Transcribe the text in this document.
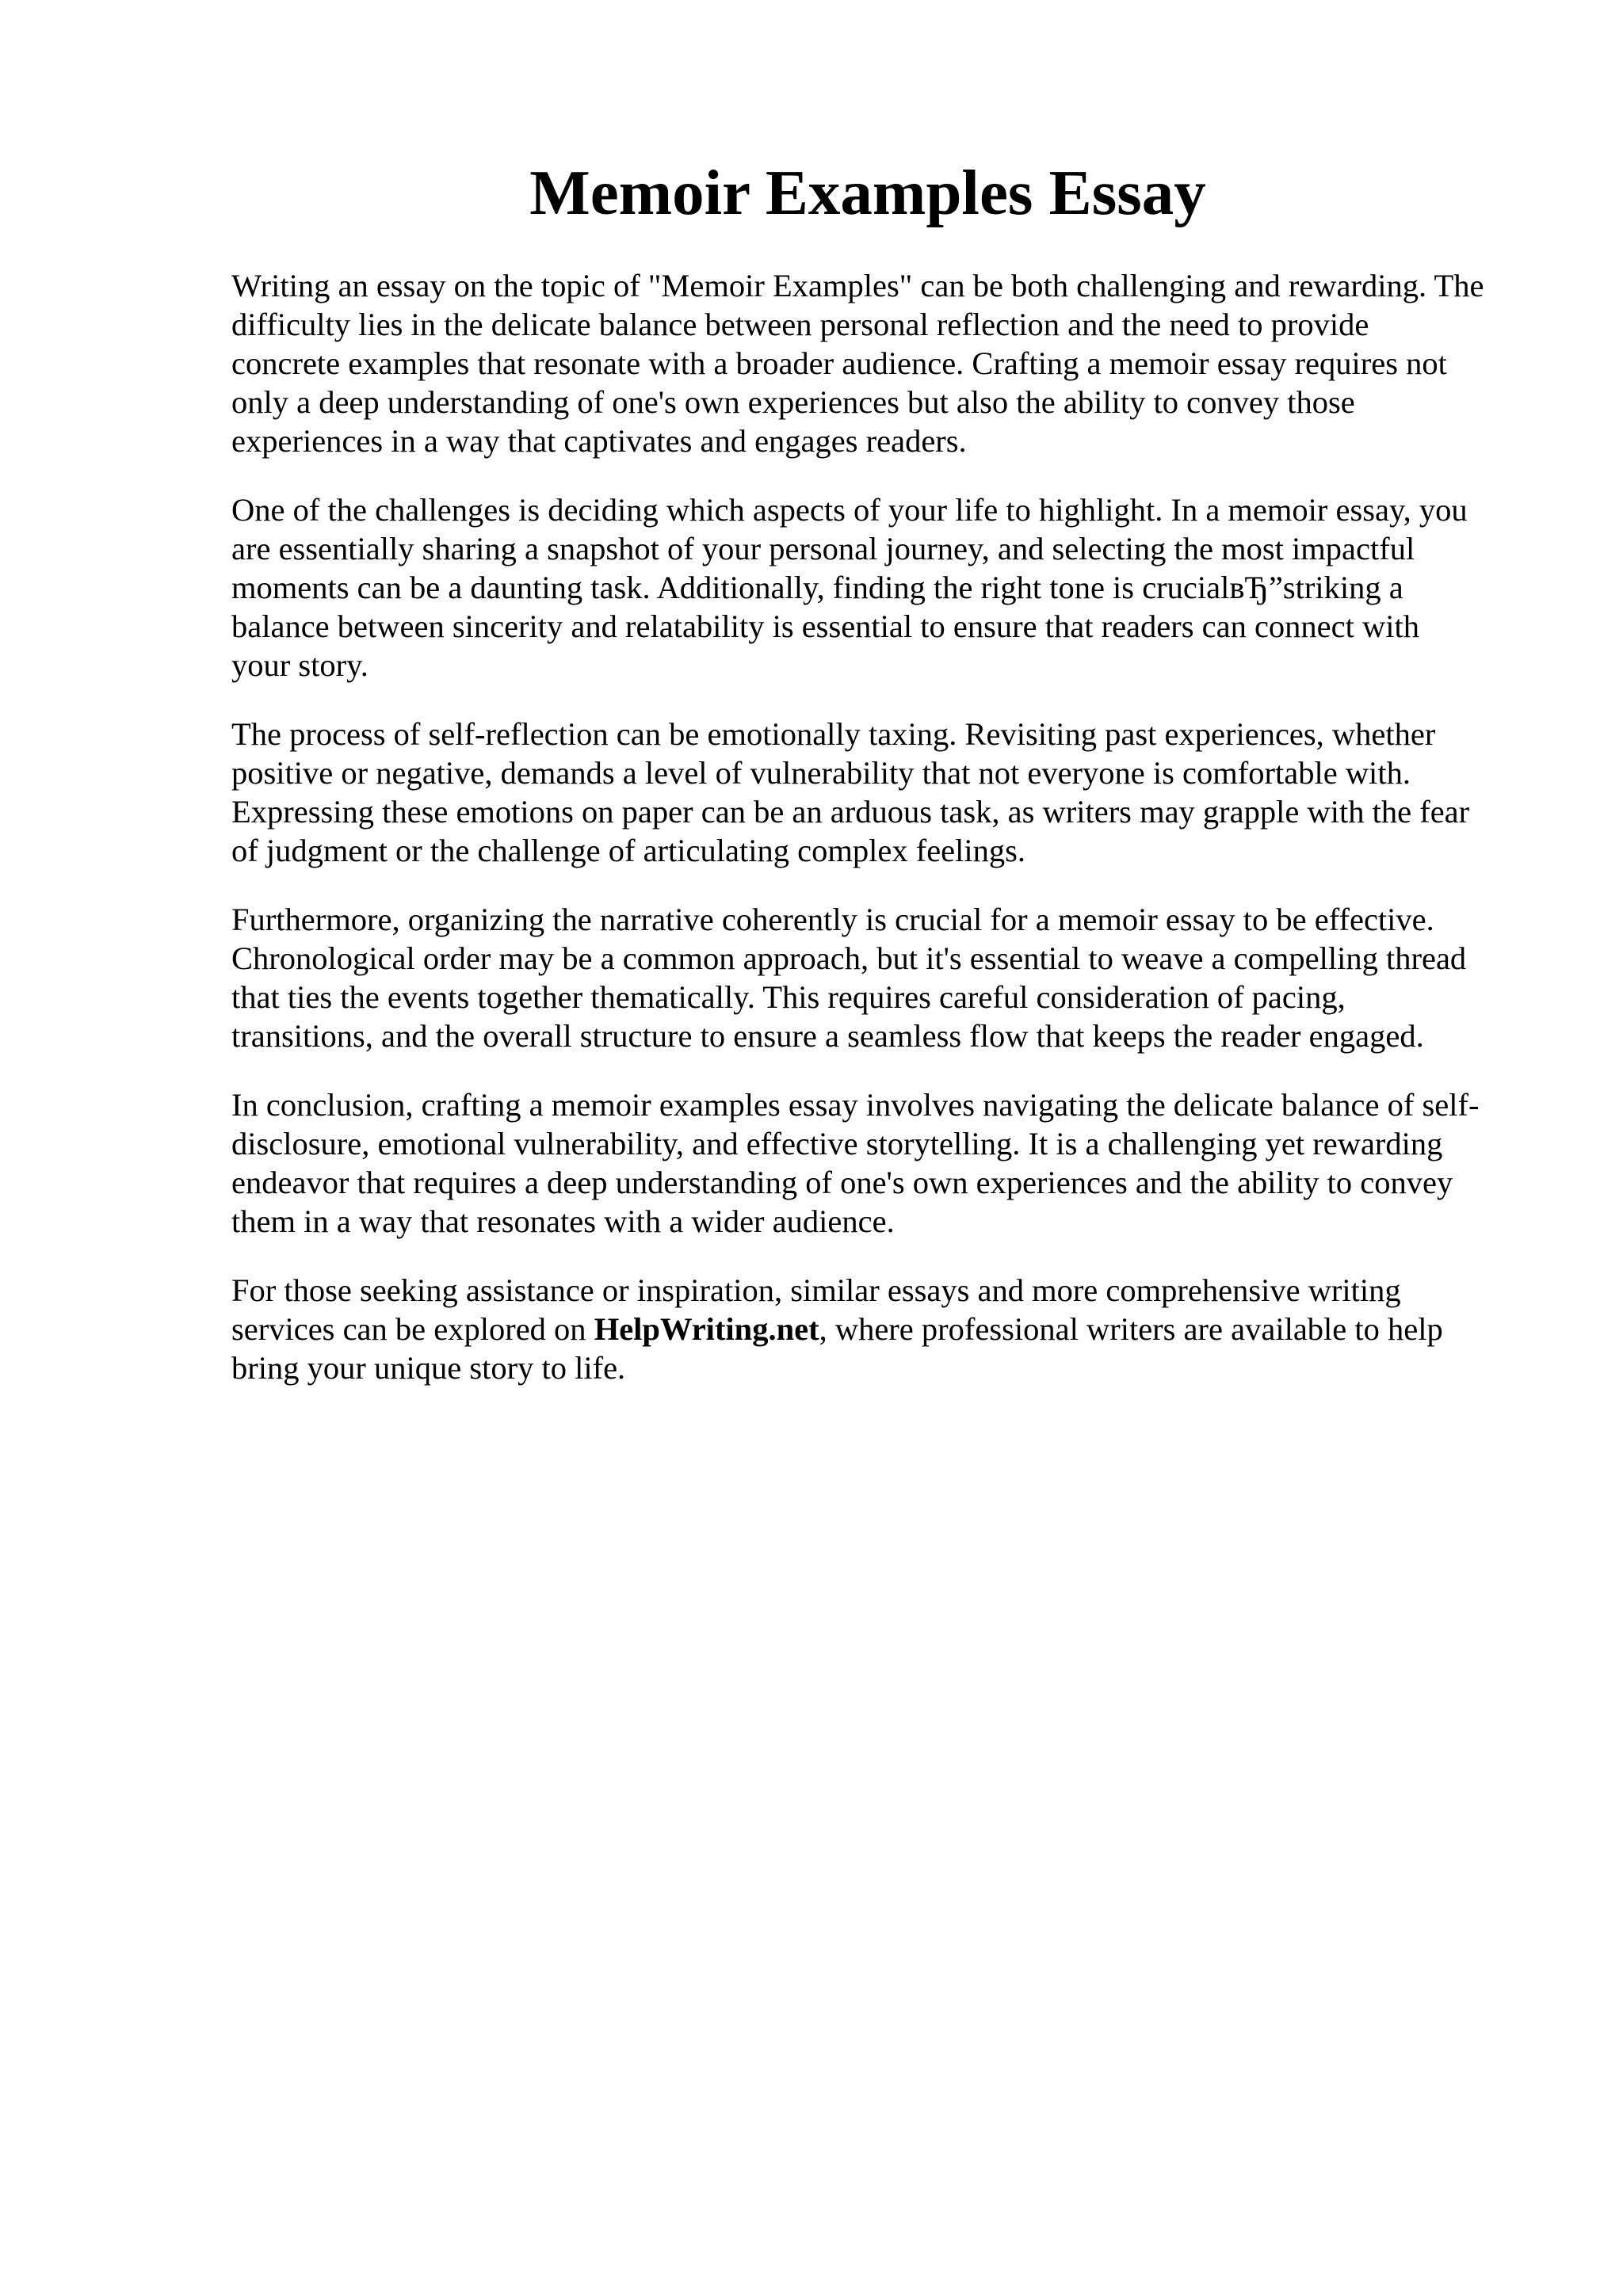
Memoir Examples Essay

Writing an essay on the topic of "Memoir Examples" can be both challenging and rewarding. The
difficulty lies in the delicate balance between personal reflection and the need to provide
concrete examples that resonate with a broader audience. Crafting a memoir essay requires not
only a deep understanding of one's own experiences but also the ability to convey those
experiences in a way that captivates and engages readers.

One of the challenges is deciding which aspects of your life to highlight. In a memoir essay, you
are essentially sharing a snapshot of your personal journey, and selecting the most impactful
moments can be a daunting task. Additionally, finding the right tone is crucialвЂ”striking a
balance between sincerity and relatability is essential to ensure that readers can connect with
your story.

The process of self-reflection can be emotionally taxing. Revisiting past experiences, whether
positive or negative, demands a level of vulnerability that not everyone is comfortable with.
Expressing these emotions on paper can be an arduous task, as writers may grapple with the fear
of judgment or the challenge of articulating complex feelings.

Furthermore, organizing the narrative coherently is crucial for a memoir essay to be effective.
Chronological order may be a common approach, but it's essential to weave a compelling thread
that ties the events together thematically. This requires careful consideration of pacing,
transitions, and the overall structure to ensure a seamless flow that keeps the reader engaged.

In conclusion, crafting a memoir examples essay involves navigating the delicate balance of self-
disclosure, emotional vulnerability, and effective storytelling. It is a challenging yet rewarding
endeavor that requires a deep understanding of one's own experiences and the ability to convey
them in a way that resonates with a wider audience.

For those seeking assistance or inspiration, similar essays and more comprehensive writing
services can be explored on HelpWriting.net, where professional writers are available to help
bring your unique story to life.
